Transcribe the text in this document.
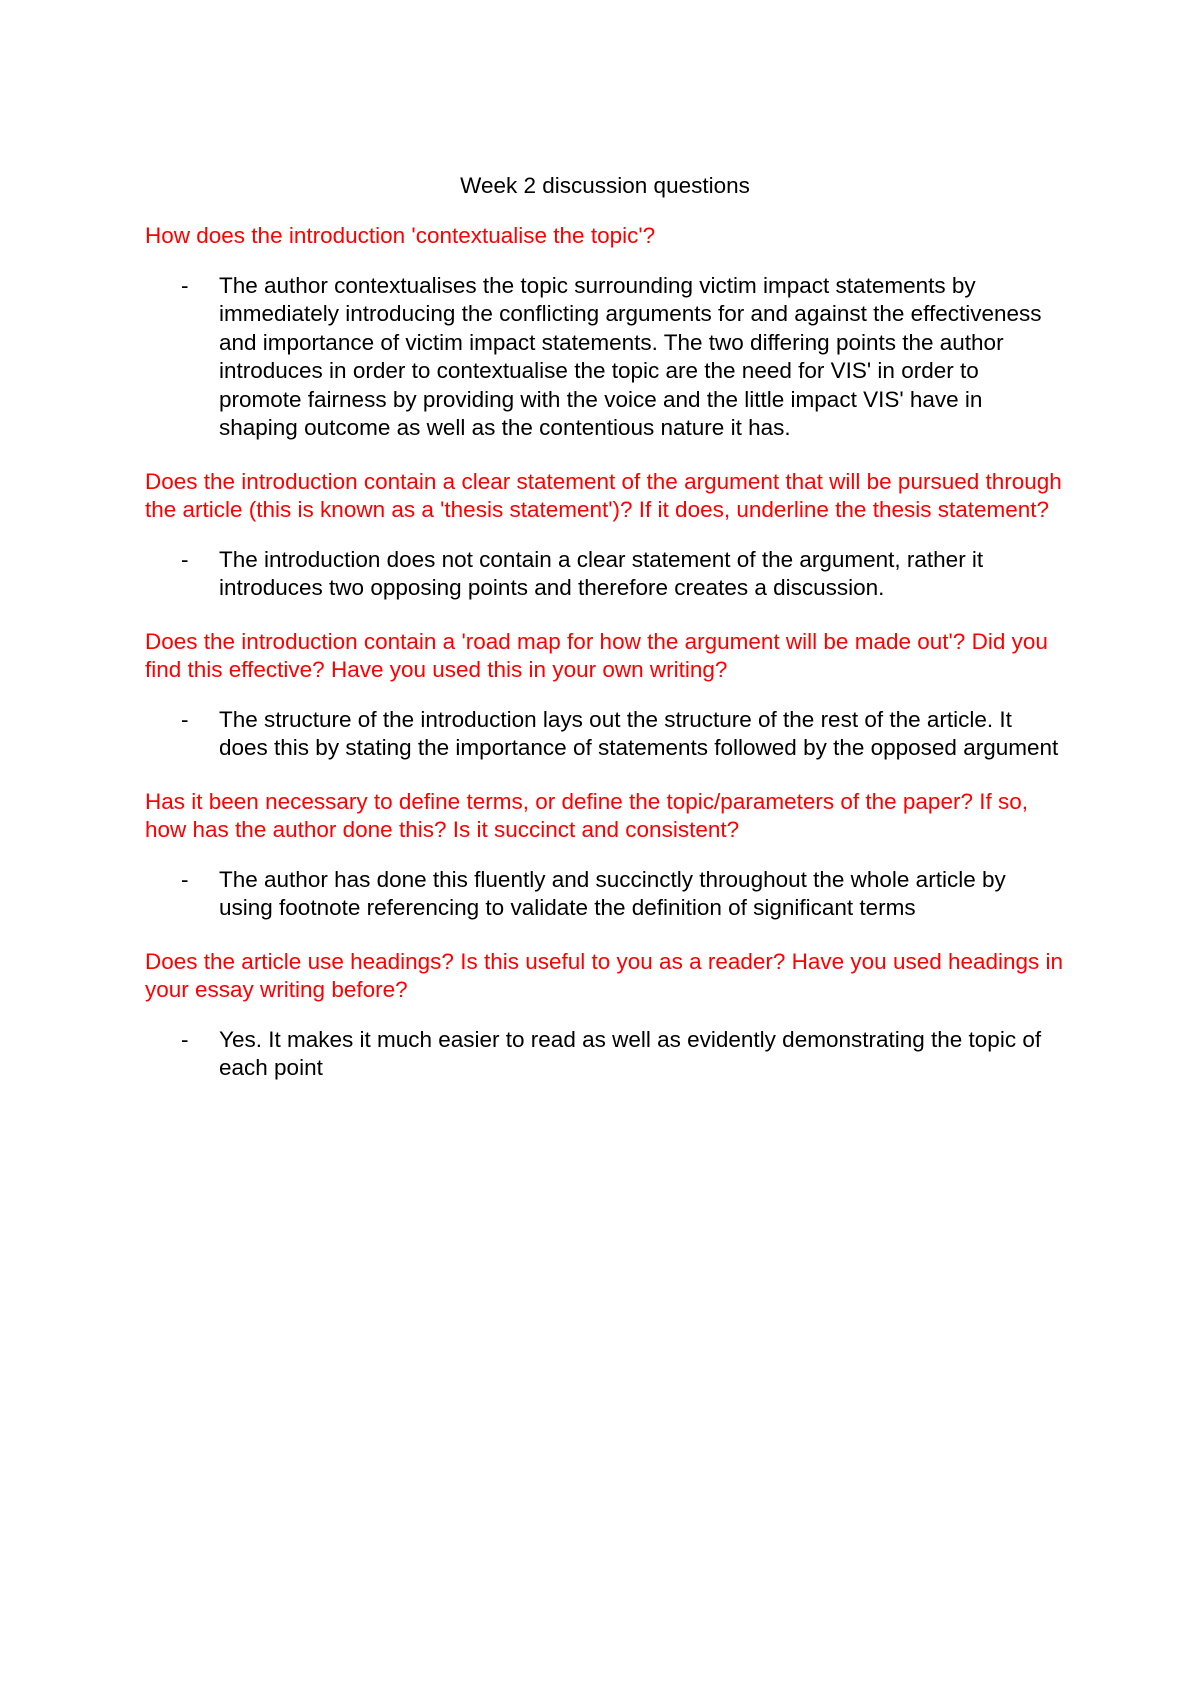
Week 2 discussion questions
How does the introduction 'contextualise the topic'?
-	The author contextualises the topic surrounding victim impact statements by immediately introducing the conflicting arguments for and against the effectiveness and importance of victim impact statements. The two differing points the author introduces in order to contextualise the topic are the need for VIS' in order to promote fairness by providing with the voice and the little impact VIS' have in shaping outcome as well as the contentious nature it has.
Does the introduction contain a clear statement of the argument that will be pursued through the article (this is known as a 'thesis statement')? If it does, underline the thesis statement?
-	The introduction does not contain a clear statement of the argument, rather it introduces two opposing points and therefore creates a discussion.
Does the introduction contain a 'road map for how the argument will be made out'? Did you find this effective? Have you used this in your own writing?
-	The structure of the introduction lays out the structure of the rest of the article. It does this by stating the importance of statements followed by the opposed argument
Has it been necessary to define terms, or define the topic/parameters of the paper? If so, how has the author done this? Is it succinct and consistent?
-	The author has done this fluently and succinctly throughout the whole article by using footnote referencing to validate the definition of significant terms
Does the article use headings? Is this useful to you as a reader? Have you used headings in your essay writing before?
-	Yes. It makes it much easier to read as well as evidently demonstrating the topic of each point
